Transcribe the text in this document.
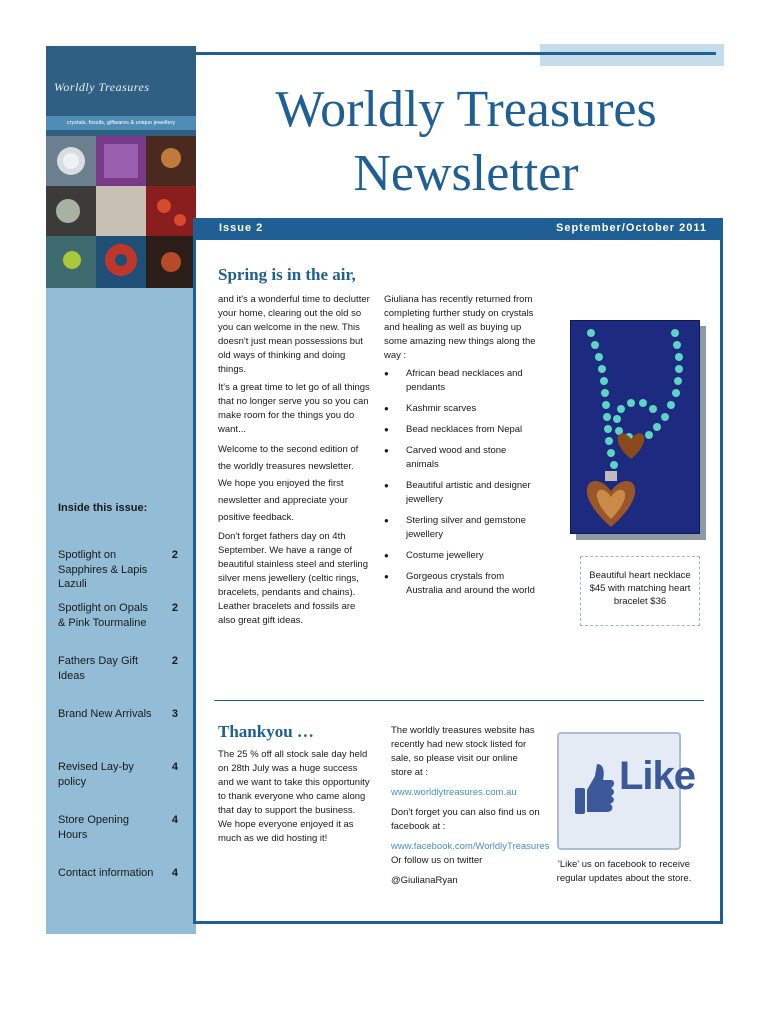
Worldly Treasures
crystals, fossils, giftwares & unique jewellery
Inside this issue:
Spotlight on Sapphires & Lapis Lazuli
2
Spotlight on Opals & Pink Tourmaline
2
Fathers Day Gift Ideas
2
Brand New Arrivals 3
Revised Lay-by policy
4
Store Opening Hours
4
Contact information 4
Worldly Treasures
Newsletter
Issue 2	September/October 2011
Spring is in the air,

and it's a wonderful time to declutter your home, clearing out the old so you can welcome in the new. This doesn't just mean possessions but old ways of thinking and doing things.

It's a great time to let go of all things that no longer serve you so you can make room for the things you do want...

Welcome to the second edition of the worldly treasures newsletter. We hope you enjoyed the first newsletter and appreciate your positive feedback.

Don't forget fathers day on 4th September. We have a range of beautiful stainless steel and sterling silver mens jewellery (celtic rings, bracelets, pendants and chains). Leather bracelets and fossils are also great gift ideas.

Giuliana has recently returned from completing further study on crystals and healing as well as buying up some amazing new things along the way :

● African bead necklaces and pendants
● Kashmir scarves
● Bead necklaces from Nepal
● Carved wood and stone animals
● Beautiful artistic and designer jewellery
● Sterling silver and gemstone jewellery
● Costume jewellery
● Gorgeous crystals from Australia and around the world
Beautiful heart necklace $45 with matching heart bracelet $36
Thankyou …

The 25 % off all stock sale day held on 28th July was a huge success and we want to take this opportunity to thank everyone who came along that day to support the business. We hope everyone enjoyed it as much as we did hosting it!

The worldly treasures website has recently had new stock listed for sale, so please visit our online store at :

www.worldlytreasures.com.au

Don't forget you can also find us on facebook at :

www.facebook.com/WorldlyTreasures

Or follow us on twitter

@GiulianaRyan

Like
'Like' us on facebook to receive regular updates about the store.
